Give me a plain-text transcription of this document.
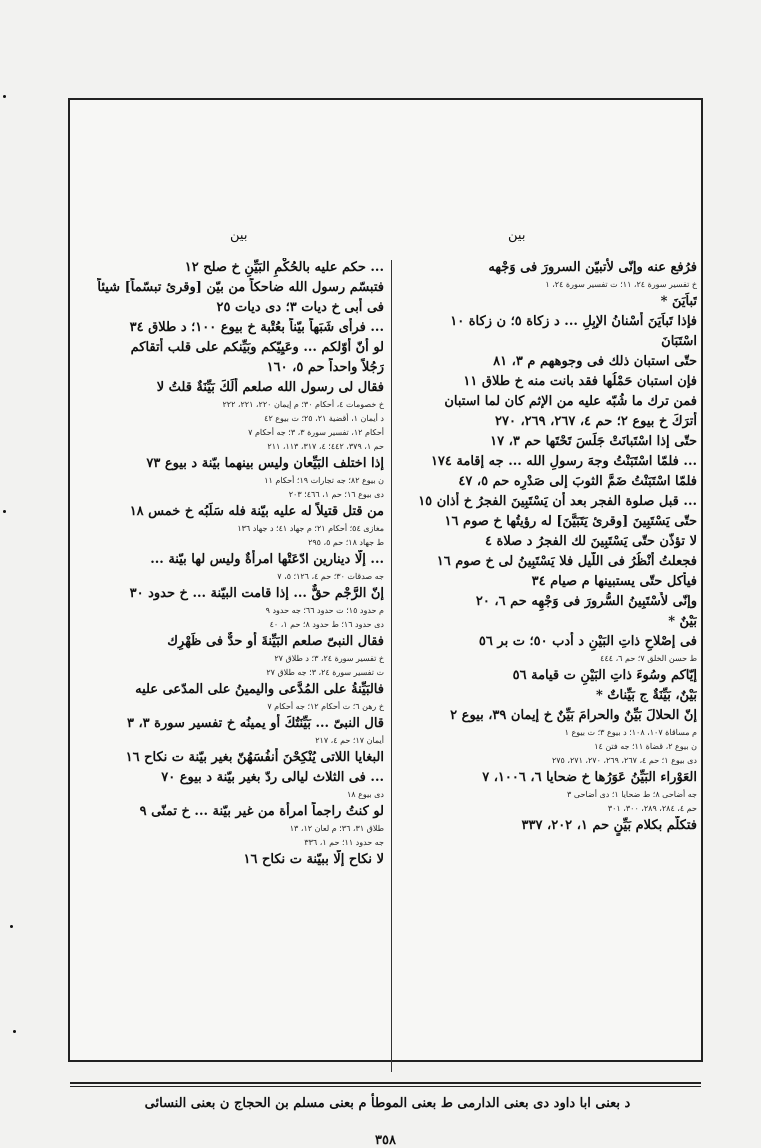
بين
بين
فرُفع عنه وإنّى لأتبيّن السرورَ فى وَجْهه
خ تفسير سورة ٢٤، ١١؛ ت تفسير سورة ٢٤، ١
تَباَيَنَ *
فإذا تَباَيَنَ أَسْنانُ الإبِلِ ... د زكاة ٥؛ ن زكاة ١٠
اسْتَبَانَ
حتّى استبان ذلك فى وجوههم م ٣، ٨١
فإن استبان حَمْلُها فقد بانت منه خ طلاق ١١
فمن ترك ما شُبّه عليه من الإثم كان لما استبان
أترَكَ خ بيوع ٢؛ حم ٤، ٢٦٧، ٢٦٩، ٢٧٠
حتّى إذا اسْتَبانَتْ جَلَسَ تَحْتَها حم ٣، ١٧
... فلمّا اسْتَبَنْتُ وجهَ رسولِ الله ... جه إقامة ١٧٤
فلمّا اسْتَبَنْتُ ضَمَّ الثوبَ إلى صَدْرِه حم ٥، ٤٧
... قبل صلوة الفجر بعد أن يَسْتَبِينَ الفجرُ خ أذان ١٥
حتّى يَسْتَبِينَ [وقرئ يَتَبَيَّنَ] له رؤيتُها خ صوم ١٦
لا تؤذّن حتّى يَسْتَبِينَ لك الفجرُ د صلاة ٤
فجعلتُ أنْظُرُ فى اللّيل فلا يَسْتَبِينُ لى خ صوم ١٦
فيأكل حتّى يستبينها م صيام ٣٤
وإنّى لأَسْتَبِينُ السُّرورَ فى وَجْهِه حم ٦، ٢٠
بَيْنٌ *
فى إصْلاحِ ذاتِ البَيْنِ د أدب ٥٠؛ ت بر ٥٦
ط حسن الخلق ٧؛ حم ٦، ٤٤٤
إيّاكم وسُوءَ ذاتِ البَيْنِ ت قيامة ٥٦
بَيْنٌ، بَيِّنَةٌ ج بَيِّناتٌ *
إنّ الحلالَ بَيِّنٌ والحرامَ بَيِّنٌ خ إيمان ٣٩، بيوع ٢
م مساقاة ١٠٧، ١٠٨؛ د بيوع ٣؛ ت بيوع ١
ن بيوع ٢، قضاة ١١؛ جه فتن ١٤
دى بيوع ١؛ حم ٤، ٢٦٧، ٢٦٩، ٢٧٠، ٢٧١، ٢٧٥
العَوْراء البَيِّنُ عَوَرُها خ ضحايا ٦، ١٠٠٦، ٧
جه أضاحى ٨؛ ط ضحايا ١؛ دى أضاحى ٣
حم ٤، ٢٨٤، ٢٨٩، ٣٠٠، ٣٠١
فتكلّم بكلام بَيِّنٍ حم ١، ٢٠٢، ٣٣٧
... حكم عليه بالحُكْمِ البَيِّنِ خ صلح ١٢
فتبسّم رسول الله ضاحكاً من بيّن [وقرئ تبسّماً] شيئاً
فى أبى خ ديات ٣؛ دى ديات ٢٥
... فرأى شَبَهاً بيّناً بعُتْبة خ بيوع ١٠٠؛ د طلاق ٣٤
لو أنّ أوّلكم ... وعَيِيّكم وبَيِّنكم على قلب أتقاكم
رَجُلاً واحداً حم ٥، ١٦٠
فقال لى رسول الله صلعم أَلَكَ بَيِّنَةٌ قلتُ لا
خ خصومات ٤، أحكام ٣٠؛ م إيمان ٢٢٠، ٢٢١، ٢٢٢
د أيمان ١، أقضية ٢١، ٢٥؛ ت بيوع ٤٢
أحكام ١٢، تفسير سورة ٣، ٣؛ جه أحكام ٧
حم ١، ٣٧٩، ٤٤٢؛ ٤، ٣١٧، ١١٣، ٢١١
إذا اختلف البَيِّعان وليس بينهما بيّنة د بيوع ٧٣
ن بيوع ٨٢؛ جه تجارات ١٩؛ أحكام ١١
دى بيوع ١٦؛ حم ١، ٤٦٦؛ ٢٠٣
من قتل قتيلاً له عليه بيّنة فله سَلَبُه خ خمس ١٨
مغازى ٥٤؛ أحكام ٢١؛ م جهاد ٤١؛ د جهاد ١٣٦
ط جهاد ١٨؛ حم ٥، ٢٩٥
... إلّا دينارين ادّعَتْها امرأةٌ وليس لها بيّنة ...
جه صدقات ٣٠؛ حم ٤، ١٢٦؛ ٥، ٧
إنّ الرَّجْم حقٌّ ... إذا قامت البيّنة ... خ حدود ٣٠
م حدود ١٥؛ ت حدود ٦٦؛ جه حدود ٩
دى حدود ١٦؛ ط حدود ٨؛ حم ١، ٤٠
فقال النبىّ صلعم البَيِّنةَ أو حدٌّ فى ظَهْرِك
خ تفسير سورة ٢٤، ٣؛ د طلاق ٢٧
ت تفسير سورة ٢٤، ٣؛ جه طلاق ٢٧
فالبَيِّنةُ على المُدَّعى واليمينُ على المدّعى عليه
خ رهن ٦؛ ت أحكام ١٢؛ جه أحكام ٧
قال النبىّ ... بَيِّنَتُكَ أو يمينُه خ تفسير سورة ٣، ٣
أيمان ١٧؛ حم ٤، ٢١٧
البغايا اللاتى يُنْكِحْنَ أنفُسَهُنّ بغير بيّنة ت نكاح ١٦
... فى الثلاث ليالى ردّ بغير بيّنة د بيوع ٧٠
دى بيوع ١٨
لو كنتُ راجماً امرأة من غير بيّنة ... خ تمنّى ٩
طلاق ٣١، ٣٦؛ م لعان ١٢، ١٣
جه حدود ١١؛ حم ١، ٣٣٦
لا نكاح إلّا ببيّنة ت نكاح ١٦
د بعنى ابا داود دى بعنى الدارمى ط بعنى الموطأ م بعنى مسلم بن الحجاج ن بعنى النسائى
٣٥٨
